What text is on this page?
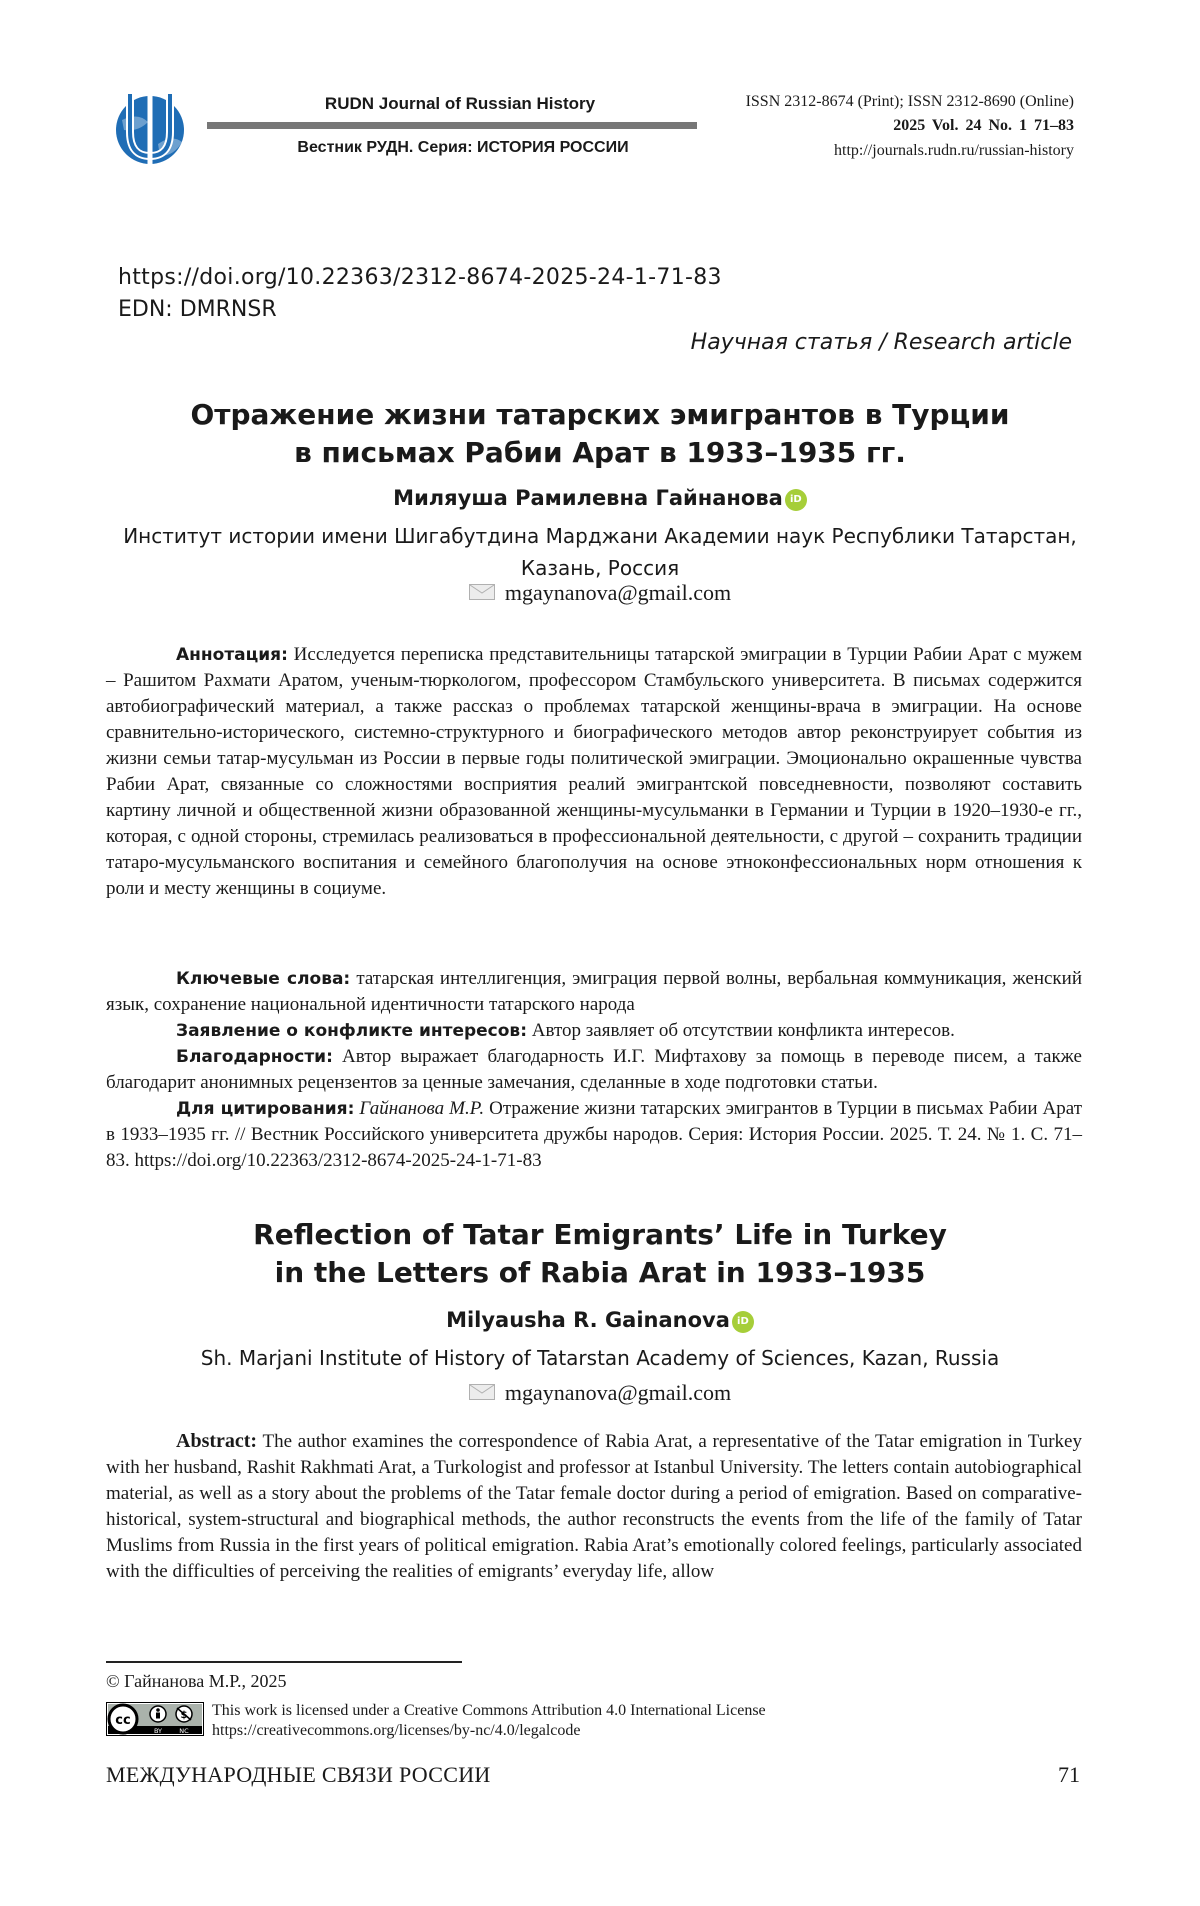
RUDN Journal of Russian History
Вестник РУДН. Серия: ИСТОРИЯ РОССИИ
ISSN 2312-8674 (Print); ISSN 2312-8690 (Online)
2025 Vol. 24 No. 1 71–83
http://journals.rudn.ru/russian-history
https://doi.org/10.22363/2312-8674-2025-24-1-71-83
EDN: DMRNSR
Научная статья / Research article
Отражение жизни татарских эмигрантов в Турции
в письмах Рабии Арат в 1933–1935 гг.
Миляуша Рамилевна Гайнанова iD
Институт истории имени Шигабутдина Марджани Академии наук Республики Татарстан,
Казань, Россия
mgaynanova@gmail.com

Аннотация: Исследуется переписка представительницы татарской эмиграции в Турции Рабии Арат с мужем – Рашитом Рахмати Аратом, ученым-тюркологом, профессором Стамбульского университета. В письмах содержится автобиографический материал, а также рассказ о проблемах татарской женщины-врача в эмиграции. На основе сравнительно-исторического, системно-структурного и биографического методов автор реконструирует события из жизни семьи татар-мусульман из России в первые годы политической эмиграции. Эмоционально окрашенные чувства Рабии Арат, связанные со сложностями восприятия реалий эмигрантской повседневности, позволяют составить картину личной и общественной жизни образованной женщины-мусульманки в Германии и Турции в 1920–1930-е гг., которая, с одной стороны, стремилась реализоваться в профессиональной деятельности, с другой – сохранить традиции татаро-мусульманского воспитания и семейного благополучия на основе этноконфессиональных норм отношения к роли и месту женщины в социуме.

Ключевые слова: татарская интеллигенция, эмиграция первой волны, вербальная коммуникация, женский язык, сохранение национальной идентичности татарского народа

Заявление о конфликте интересов: Автор заявляет об отсутствии конфликта интересов.

Благодарности: Автор выражает благодарность И.Г. Мифтахову за помощь в переводе писем, а также благодарит анонимных рецензентов за ценные замечания, сделанные в ходе подготовки статьи.

Для цитирования: Гайнанова М.Р. Отражение жизни татарских эмигрантов в Турции в письмах Рабии Арат в 1933–1935 гг. // Вестник Российского университета дружбы народов. Серия: История России. 2025. Т. 24. № 1. С. 71–83. https://doi.org/10.22363/2312-8674-2025-24-1-71-83

Reflection of Tatar Emigrants’ Life in Turkey
in the Letters of Rabia Arat in 1933–1935
Milyausha R. Gainanova iD
Sh. Marjani Institute of History of Tatarstan Academy of Sciences, Kazan, Russia
mgaynanova@gmail.com

Abstract: The author examines the correspondence of Rabia Arat, a representative of the Tatar emigration in Turkey with her husband, Rashit Rakhmati Arat, a Turkologist and professor at Istanbul University. The letters contain autobiographical material, as well as a story about the problems of the Tatar female doctor during a period of emigration. Based on comparative-historical, system-structural and biographical methods, the author reconstructs the events from the life of the family of Tatar Muslims from Russia in the first years of political emigration. Rabia Arat’s emotionally colored feelings, particularly associated with the difficulties of perceiving the realities of emigrants’ everyday life, allow

© Гайнанова М.Р., 2025
cc	$
BY	NC
This work is licensed under a Creative Commons Attribution 4.0 International License
https://creativecommons.org/licenses/by-nc/4.0/legalcode
МЕЖДУНАРОДНЫЕ СВЯЗИ РОССИИ	71
